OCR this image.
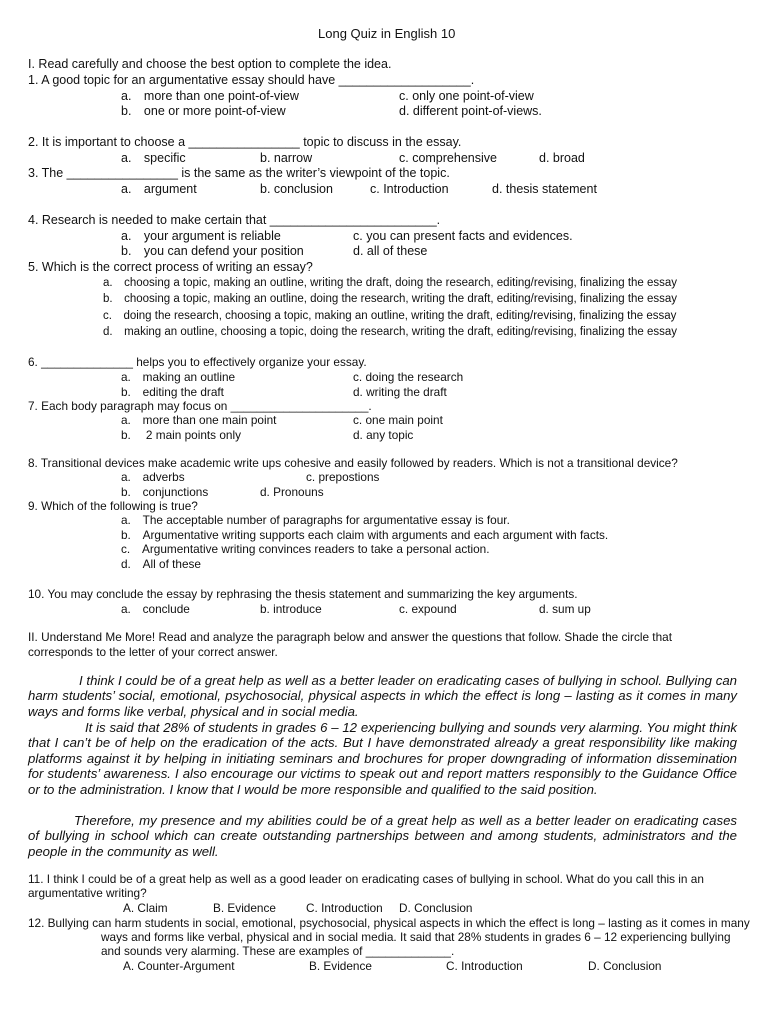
Long Quiz in English 10
I. Read carefully and choose the best option to complete the idea.
1. A good topic for an argumentative essay should have ___________________.
a. more than one point-of-view	c. only one point-of-view
b. one or more point-of-view	d. different point-of-views.
2. It is important to choose a ________________ topic to discuss in the essay.
a. specific	b. narrow	c. comprehensive	d. broad
3. The ________________ is the same as the writer’s viewpoint of the topic.
a. argument	b. conclusion	c. Introduction	d. thesis statement
4. Research is needed to make certain that ________________________.
a. your argument is reliable	c. you can present facts and evidences.
b. you can defend your position	d. all of these
5. Which is the correct process of writing an essay?
a. choosing a topic, making an outline, writing the draft, doing the research, editing/revising, finalizing the essay
b. choosing a topic, making an outline, doing the research, writing the draft, editing/revising, finalizing the essay
c. doing the research, choosing a topic, making an outline, writing the draft, editing/revising, finalizing the essay
d. making an outline, choosing a topic, doing the research, writing the draft, editing/revising, finalizing the essay
6. ______________ helps you to effectively organize your essay.
a. making an outline	c. doing the research
b. editing the draft	d. writing the draft
7. Each body paragraph may focus on _____________________.
a. more than one main point	c. one main point
b.  2 main points only	d. any topic
8. Transitional devices make academic write ups cohesive and easily followed by readers. Which is not a transitional device?
a. adverbs	c. prepostions
b. conjunctions	d. Pronouns
9. Which of the following is true?
a. The acceptable number of paragraphs for argumentative essay is four.
b. Argumentative writing supports each claim with arguments and each argument with facts.
c. Argumentative writing convinces readers to take a personal action.
d. All of these
10. You may conclude the essay by rephrasing the thesis statement and summarizing the key arguments.
a. conclude	b. introduce	c. expound	d. sum up
II. Understand Me More! Read and analyze the paragraph below and answer the questions that follow. Shade the circle that corresponds to the letter of your correct answer.

I think I could be of a great help as well as a better leader on eradicating cases of bullying in school. Bullying can harm students’ social, emotional, psychosocial, physical aspects in which the effect is long – lasting as it comes in many ways and forms like verbal, physical and in social media.

It is said that 28% of students in grades 6 – 12 experiencing bullying and sounds very alarming. You might think that I can’t be of help on the eradication of the acts. But I have demonstrated already a great responsibility like making platforms against it by helping in initiating seminars and brochures for proper downgrading of information dissemination for students’ awareness. I also encourage our victims to speak out and report matters responsibly to the Guidance Office or to the administration. I know that I would be more responsible and qualified to the said position.

Therefore, my presence and my abilities could be of a great help as well as a better leader on eradicating cases of bullying in school which can create outstanding partnerships between and among students, administrators and the people in the community as well.

11. I think I could be of a great help as well as a good leader on eradicating cases of bullying in school. What do you call this in an
argumentative writing?
A. Claim	B. Evidence	C. Introduction D. Conclusion
12. Bullying can harm students in social, emotional, psychosocial, physical aspects in which the effect is long – lasting as it comes in many
ways and forms like verbal, physical and in social media. It said that 28% students in grades 6 – 12 experiencing bullying
and sounds very alarming. These are examples of _____________.
A. Counter-Argument	B. Evidence	C. Introduction	D. Conclusion
